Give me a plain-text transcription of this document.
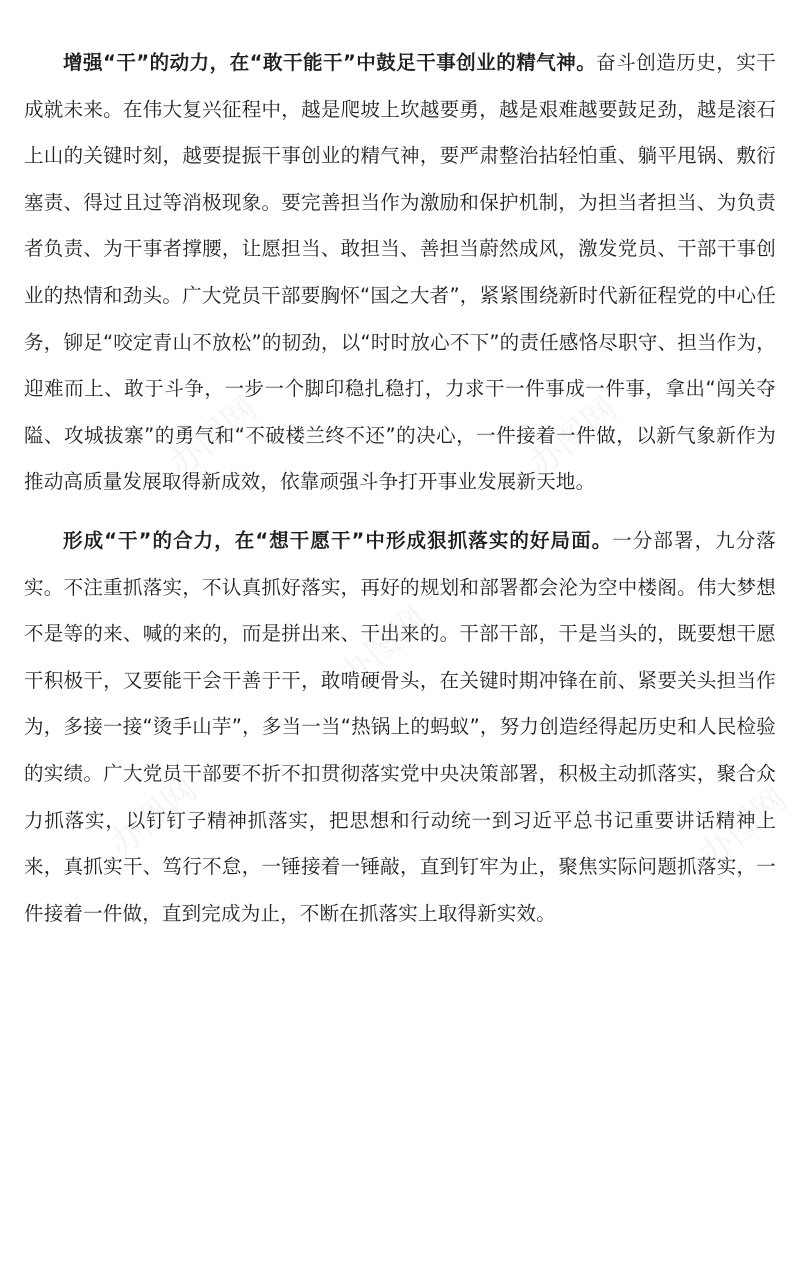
办图网	办图网
办图网
办图网	办图网

增强“干”的动力，在“敢干能干”中鼓足干事创业的精气神。奋斗创造历史，实干成就未来。在伟大复兴征程中，越是爬坡上坎越要勇，越是艰难越要鼓足劲，越是滚石上山的关键时刻，越要提振干事创业的精气神，要严肃整治拈轻怕重、躺平甩锅、敷衍塞责、得过且过等消极现象。要完善担当作为激励和保护机制，为担当者担当、为负责者负责、为干事者撑腰，让愿担当、敢担当、善担当蔚然成风，激发党员、干部干事创业的热情和劲头。广大党员干部要胸怀“国之大者”，紧紧围绕新时代新征程党的中心任务，铆足“咬定青山不放松”的韧劲，以“时时放心不下”的责任感恪尽职守、担当作为，迎难而上、敢于斗争，一步一个脚印稳扎稳打，力求干一件事成一件事，拿出“闯关夺隘、攻城拔寨”的勇气和“不破楼兰终不还”的决心，一件接着一件做，以新气象新作为推动高质量发展取得新成效，依靠顽强斗争打开事业发展新天地。

形成“干”的合力，在“想干愿干”中形成狠抓落实的好局面。一分部署，九分落实。不注重抓落实，不认真抓好落实，再好的规划和部署都会沦为空中楼阁。伟大梦想不是等的来、喊的来的，而是拼出来、干出来的。干部干部，干是当头的，既要想干愿干积极干，又要能干会干善于干，敢啃硬骨头，在关键时期冲锋在前、紧要关头担当作为，多接一接“烫手山芋”，多当一当“热锅上的蚂蚁”，努力创造经得起历史和人民检验的实绩。广大党员干部要不折不扣贯彻落实党中央决策部署，积极主动抓落实，聚合众力抓落实，以钉钉子精神抓落实，把思想和行动统一到习近平总书记重要讲话精神上来，真抓实干、笃行不怠，一锤接着一锤敲，直到钉牢为止，聚焦实际问题抓落实，一件接着一件做，直到完成为止，不断在抓落实上取得新实效。
